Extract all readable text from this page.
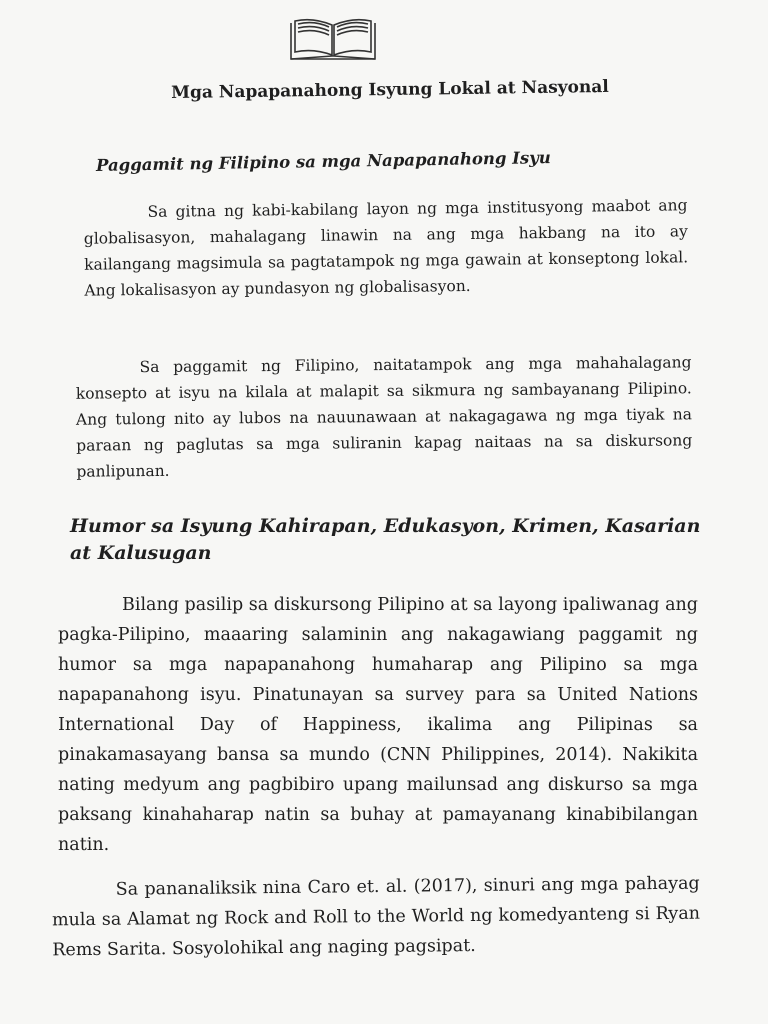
Mga Napapanahong Isyung Lokal at Nasyonal
Paggamit ng Filipino sa mga Napapanahong Isyu
Sa gitna ng kabi-kabilang layon ng mga institusyong maabot ang globalisasyon, mahalagang linawin na ang mga hakbang na ito ay kailangang magsimula sa pagtatampok ng mga gawain at konseptong lokal. Ang lokalisasyon ay pundasyon ng globalisasyon.
Sa paggamit ng Filipino, naitatampok ang mga mahahalagang konsepto at isyu na kilala at malapit sa sikmura ng sambayanang Pilipino. Ang tulong nito ay lubos na nauunawaan at nakagagawa ng mga tiyak na paraan ng paglutas sa mga suliranin kapag naitaas na sa diskursong panlipunan.
Humor sa Isyung Kahirapan, Edukasyon, Krimen, Kasarian at Kalusugan
Bilang pasilip sa diskursong Pilipino at sa layong ipaliwanag ang pagka-Pilipino, maaaring salaminin ang nakagawiang paggamit ng humor sa mga napapanahong humaharap ang Pilipino sa mga napapanahong isyu. Pinatunayan sa survey para sa United Nations International Day of Happiness, ikalima ang Pilipinas sa pinakamasayang bansa sa mundo (CNN Philippines, 2014). Nakikita nating medyum ang pagbibiro upang mailunsad ang diskurso sa mga paksang kinahaharap natin sa buhay at pamayanang kinabibilangan natin.
Sa pananaliksik nina Caro et. al. (2017), sinuri ang mga pahayag mula sa Alamat ng Rock and Roll to the World ng komedyanteng si Ryan Rems Sarita. Sosyolohikal ang naging pagsipat.
